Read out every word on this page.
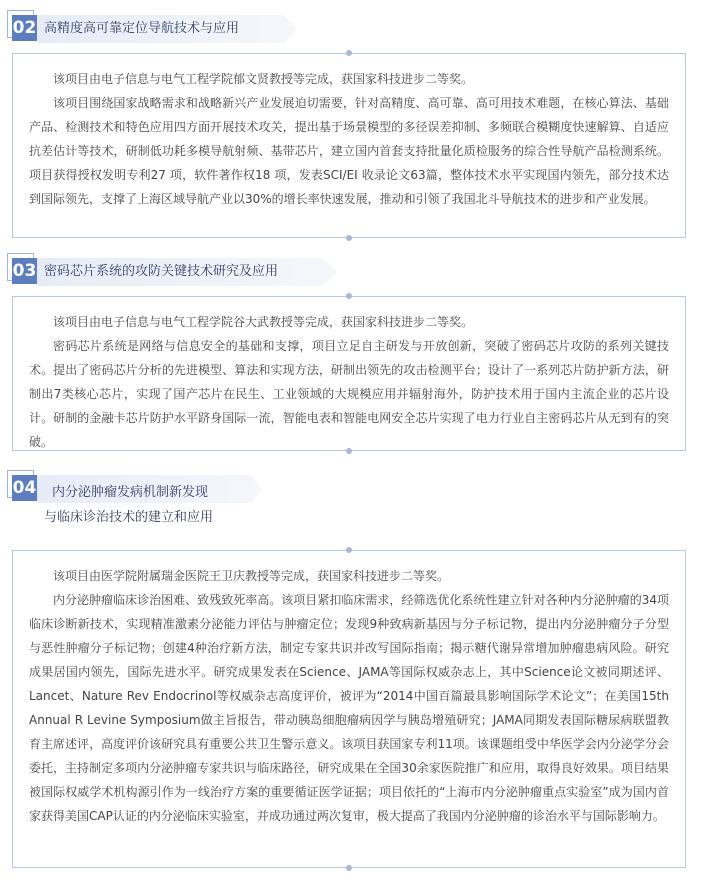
02 高精度高可靠定位导航技术与应用

该项目由电子信息与电气工程学院郁文贤教授等完成，获国家科技进步二等奖。

该项目围绕国家战略需求和战略新兴产业发展迫切需要，针对高精度、高可靠、高可用技术难题，在核心算法、基础产品、检测技术和特色应用四方面开展技术攻关，提出基于场景模型的多径误差抑制、多频联合模糊度快速解算、自适应抗差估计等技术，研制低功耗多模导航射频、基带芯片，建立国内首套支持批量化质检服务的综合性导航产品检测系统。项目获得授权发明专利27 项，软件著作权18 项，发表SCI/EI 收录论文63篇，整体技术水平实现国内领先，部分技术达到国际领先，支撑了上海区域导航产业以30%的增长率快速发展，推动和引领了我国北斗导航技术的进步和产业发展。

03 密码芯片系统的攻防关键技术研究及应用

该项目由电子信息与电气工程学院谷大武教授等完成，获国家科技进步二等奖。

密码芯片系统是网络与信息安全的基础和支撑，项目立足自主研发与开放创新，突破了密码芯片攻防的系列关键技术。提出了密码芯片分析的先进模型、算法和实现方法，研制出领先的攻击检测平台；设计了一系列芯片防护新方法，研制出7类核心芯片，实现了国产芯片在民生、工业领域的大规模应用并辐射海外，防护技术用于国内主流企业的芯片设计。研制的金融卡芯片防护水平跻身国际一流，智能电表和智能电网安全芯片实现了电力行业自主密码芯片从无到有的突破。

04 内分泌肿瘤发病机制新发现
与临床诊治技术的建立和应用

该项目由医学院附属瑞金医院王卫庆教授等完成，获国家科技进步二等奖。

内分泌肿瘤临床诊治困难、致残致死率高。该项目紧扣临床需求，经筛选优化系统性建立针对各种内分泌肿瘤的34项临床诊断新技术，实现精准激素分泌能力评估与肿瘤定位；发现9种致病新基因与分子标记物，提出内分泌肿瘤分子分型与恶性肿瘤分子标记物；创建4种治疗新方法，制定专家共识并改写国际指南；揭示糖代谢异常增加肿瘤患病风险。研究成果居国内领先，国际先进水平。研究成果发表在Science、JAMA等国际权威杂志上，其中Science论文被同期述评、Lancet、Nature Rev Endocrinol等权威杂志高度评价，被评为“2014中国百篇最具影响国际学术论文”；在美国15th Annual R Levine Symposium做主旨报告，带动胰岛细胞瘤病因学与胰岛增殖研究；JAMA同期发表国际糖尿病联盟教育主席述评，高度评价该研究具有重要公共卫生警示意义。该项目获国家专利11项。该课题组受中华医学会内分泌学分会委托，主持制定多项内分泌肿瘤专家共识与临床路径，研究成果在全国30余家医院推广和应用，取得良好效果。项目结果被国际权威学术机构源引作为一线治疗方案的重要循证医学证据；项目依托的“上海市内分泌肿瘤重点实验室”成为国内首家获得美国CAP认证的内分泌临床实验室，并成功通过两次复审，极大提高了我国内分泌肿瘤的诊治水平与国际影响力。
